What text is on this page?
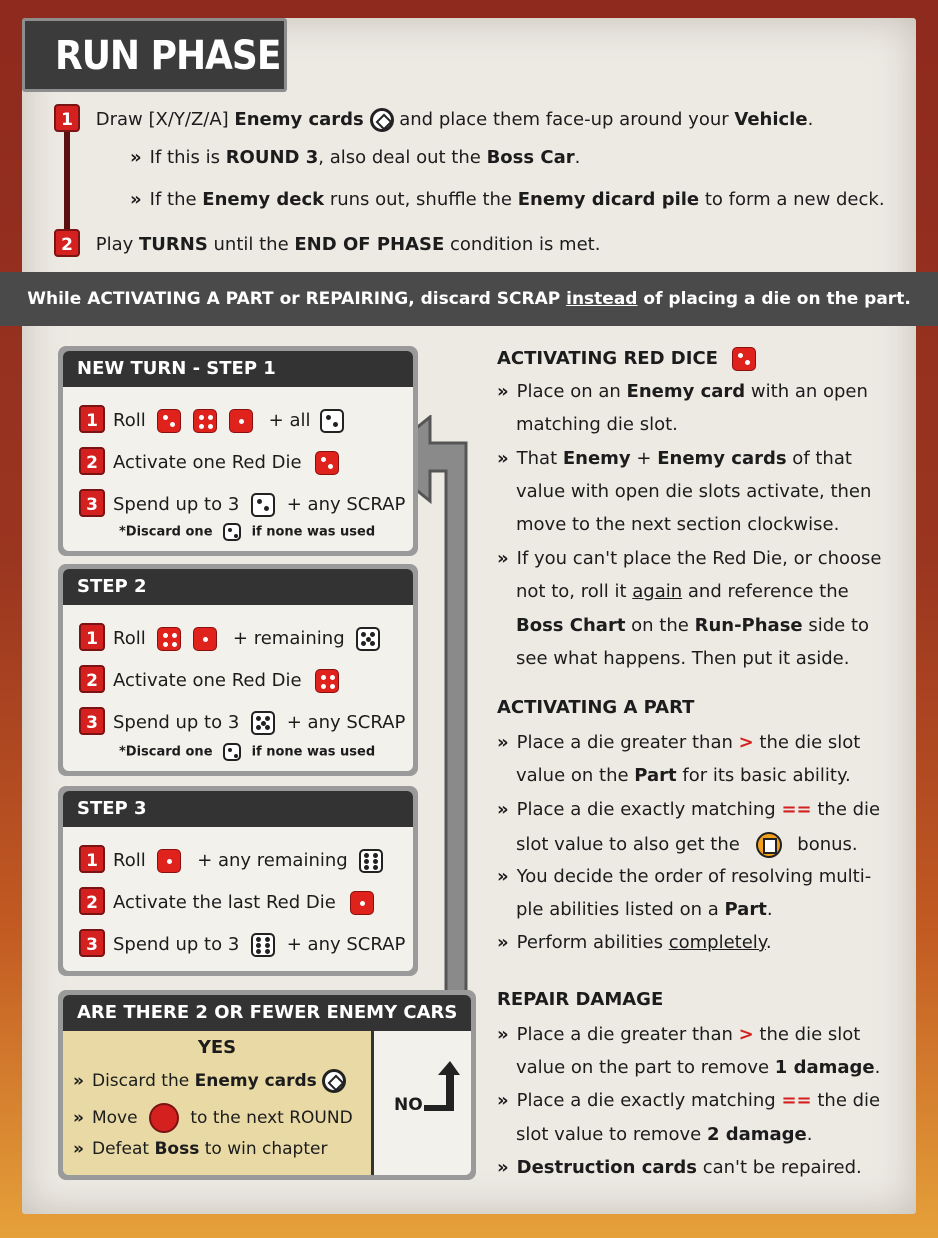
RUN PHASE
1 Draw [X/Y/Z/A] Enemy cards  and place them face-up around your Vehicle.
» If this is ROUND 3, also deal out the Boss Car.
» If the Enemy deck runs out, shuffle the Enemy dicard pile to form a new deck.
2 Play TURNS until the END OF PHASE condition is met.
While ACTIVATING A PART or REPAIRING, discard SCRAP instead of placing a die on the part.
NEW TURN - STEP 1
1 Roll

	+ all
2 Activate one Red Die
3 Spend up to 3	+ any SCRAP
*Discard one	if none was used
STEP 2
1 Roll
	+ remaining
2 Activate one Red Die
3 Spend up to 3	+ any SCRAP
*Discard one	if none was used
STEP 3
1 Roll	+ any remaining
2 Activate the last Red Die
3 Spend up to 3	+ any SCRAP
ARE THERE 2 OR FEWER ENEMY CARS
YES
» Discard the Enemy cards
» Move	to the next ROUND
» Defeat Boss to win chapter
NO
ACTIVATING RED DICE
» Place on an Enemy card with an open
matching die slot.
» That Enemy + Enemy cards of that
value with open die slots activate, then
move to the next section clockwise.
» If you can't place the Red Die, or choose
not to, roll it again and reference the
Boss Chart on the Run-Phase side to
see what happens. Then put it aside.
ACTIVATING A PART
» Place a die greater than > the die slot
value on the Part for its basic ability.
» Place a die exactly matching == the die
slot value to also get the	bonus.
» You decide the order of resolving multi-
ple abilities listed on a Part.
» Perform abilities completely.
REPAIR DAMAGE
» Place a die greater than > the die slot
value on the part to remove 1 damage.
» Place a die exactly matching == the die
slot value to remove 2 damage.
» Destruction cards can't be repaired.
